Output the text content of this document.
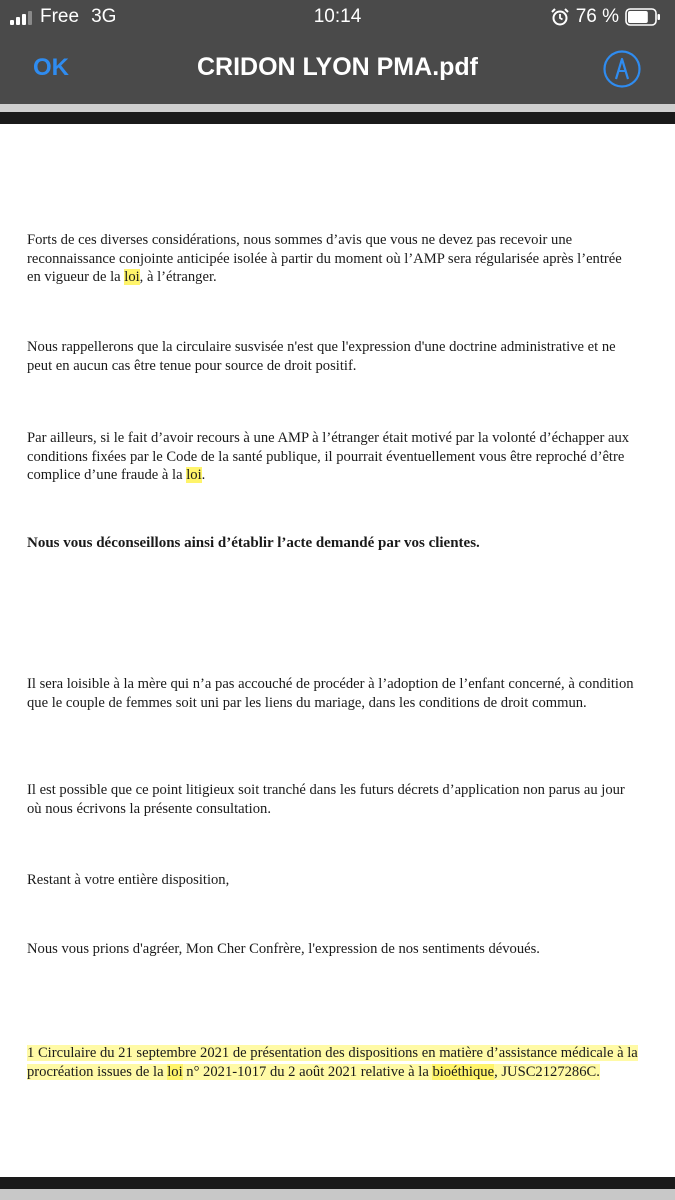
Free 3G	10:14	76 %
OK	CRIDON LYON PMA.pdf

Forts de ces diverses considérations, nous sommes d’avis que vous ne devez pas recevoir une reconnaissance conjointe anticipée isolée à partir du moment où l’AMP sera régularisée après l’entrée en vigueur de la loi, à l’étranger.

Nous rappellerons que la circulaire susvisée n'est que l'expression d'une doctrine administrative et ne peut en aucun cas être tenue pour source de droit positif.

Par ailleurs, si le fait d’avoir recours à une AMP à l’étranger était motivé par la volonté d’échapper aux conditions fixées par le Code de la santé publique, il pourrait éventuellement vous être reproché d’être complice d’une fraude à la loi.

Nous vous déconseillons ainsi d’établir l’acte demandé par vos clientes.

Il sera loisible à la mère qui n’a pas accouché de procéder à l’adoption de l’enfant concerné, à condition que le couple de femmes soit uni par les liens du mariage, dans les conditions de droit commun.

Il est possible que ce point litigieux soit tranché dans les futurs décrets d’application non parus au jour où nous écrivons la présente consultation.

Restant à votre entière disposition,

Nous vous prions d'agréer, Mon Cher Confrère, l'expression de nos sentiments dévoués.

1 Circulaire du 21 septembre 2021 de présentation des dispositions en matière d’assistance médicale à la procréation issues de la loi n° 2021-1017 du 2 août 2021 relative à la bioéthique, JUSC2127286C.
